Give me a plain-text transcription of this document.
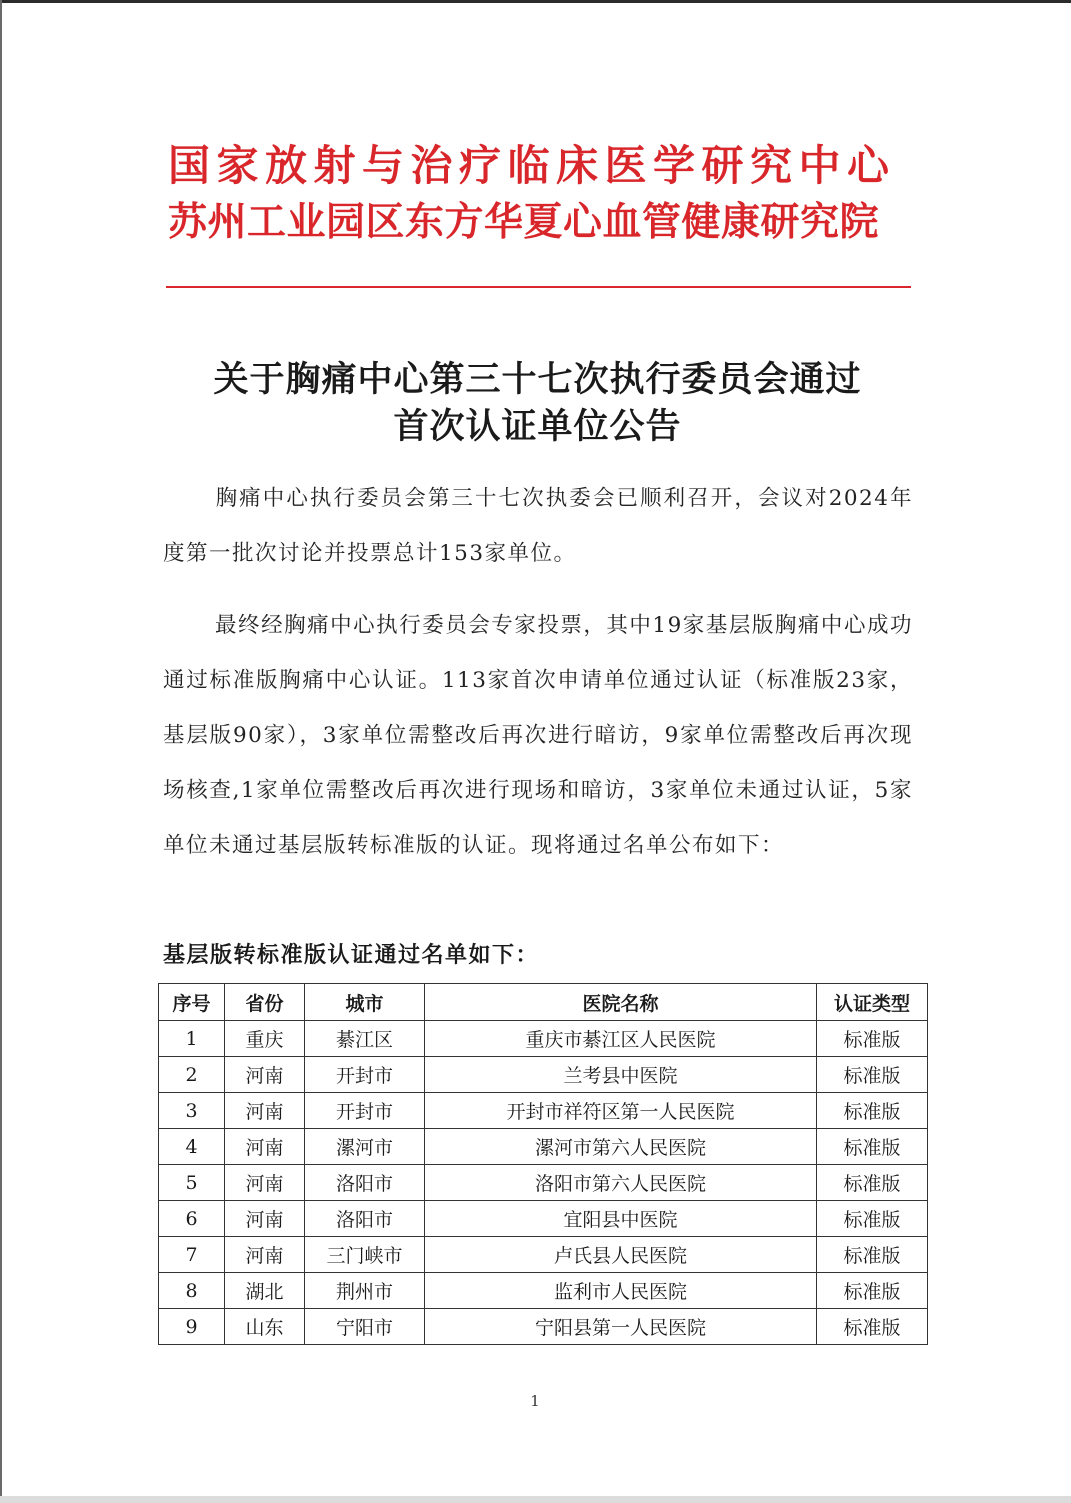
国家放射与治疗临床医学研究中心
苏州工业园区东方华夏心血管健康研究院
关于胸痛中心第三十七次执行委员会通过
首次认证单位公告
胸痛中心执行委员会第三十七次执委会已顺利召开，会议对2024年度第一批次讨论并投票总计153家单位。
最终经胸痛中心执行委员会专家投票，其中19家基层版胸痛中心成功通过标准版胸痛中心认证。113家首次申请单位通过认证（标准版23家，基层版90家），3家单位需整改后再次进行暗访，9家单位需整改后再次现场核查,1家单位需整改后再次进行现场和暗访，3家单位未通过认证，5家单位未通过基层版转标准版的认证。现将通过名单公布如下：
基层版转标准版认证通过名单如下：
序号	省份	城市	医院名称	认证类型
1	重庆	綦江区	重庆市綦江区人民医院	标准版
2	河南	开封市	兰考县中医院	标准版
3	河南	开封市	开封市祥符区第一人民医院	标准版
4	河南	漯河市	漯河市第六人民医院	标准版
5	河南	洛阳市	洛阳市第六人民医院	标准版
6	河南	洛阳市	宜阳县中医院	标准版
7	河南	三门峡市	卢氏县人民医院	标准版
8	湖北	荆州市	监利市人民医院	标准版
9	山东	宁阳市	宁阳县第一人民医院	标准版
1
